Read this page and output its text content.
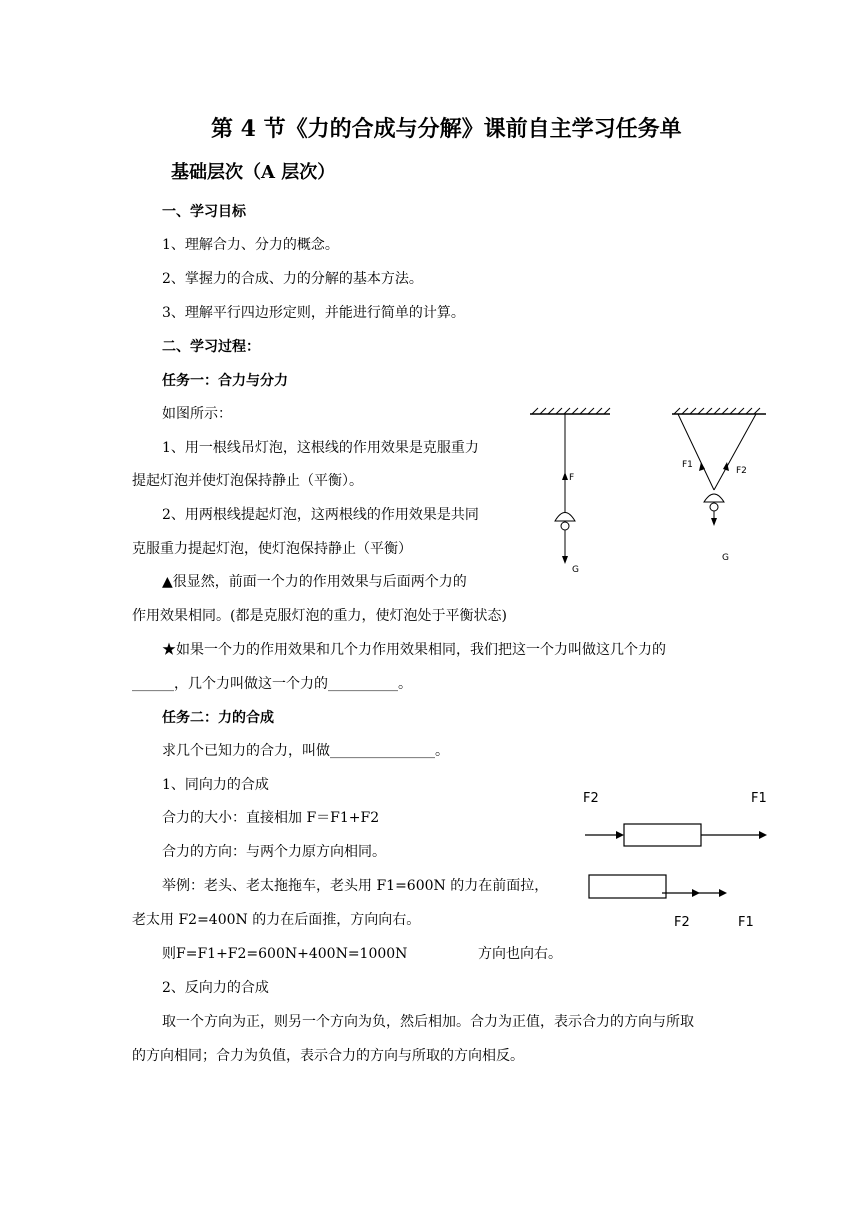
第 4 节《力的合成与分解》课前自主学习任务单
基础层次（A 层次）
一、学习目标
1、理解合力、分力的概念。
2、掌握力的合成、力的分解的基本方法。
3、理解平行四边形定则，并能进行简单的计算。
二、学习过程：
任务一：合力与分力
如图所示：
1、用一根线吊灯泡，这根线的作用效果是克服重力
提起灯泡并使灯泡保持静止（平衡）。
2、用两根线提起灯泡，这两根线的作用效果是共同
克服重力提起灯泡，使灯泡保持静止（平衡）
▲很显然，前面一个力的作用效果与后面两个力的
作用效果相同。(都是克服灯泡的重力，使灯泡处于平衡状态)
★如果一个力的作用效果和几个力作用效果相同，我们把这一个力叫做这几个力的
______，几个力叫做这一个力的__________。
任务二：力的合成
求几个已知力的合力，叫做_______________。
1、同向力的合成
合力的大小：直接相加 F＝F1+F2
合力的方向：与两个力原方向相同。
举例：老头、老太拖拖车，老头用 F1=600N 的力在前面拉，
老太用 F2=400N 的力在后面推，方向向右。
则F=F1+F2=600N+400N=1000N	方向也向右。
2、反向力的合成
取一个方向为正，则另一个方向为负，然后相加。合力为正值，表示合力的方向与所取
的方向相同；合力为负值，表示合力的方向与所取的方向相反。
F
G
F1
F2
G
F2	F1
F2	F1
